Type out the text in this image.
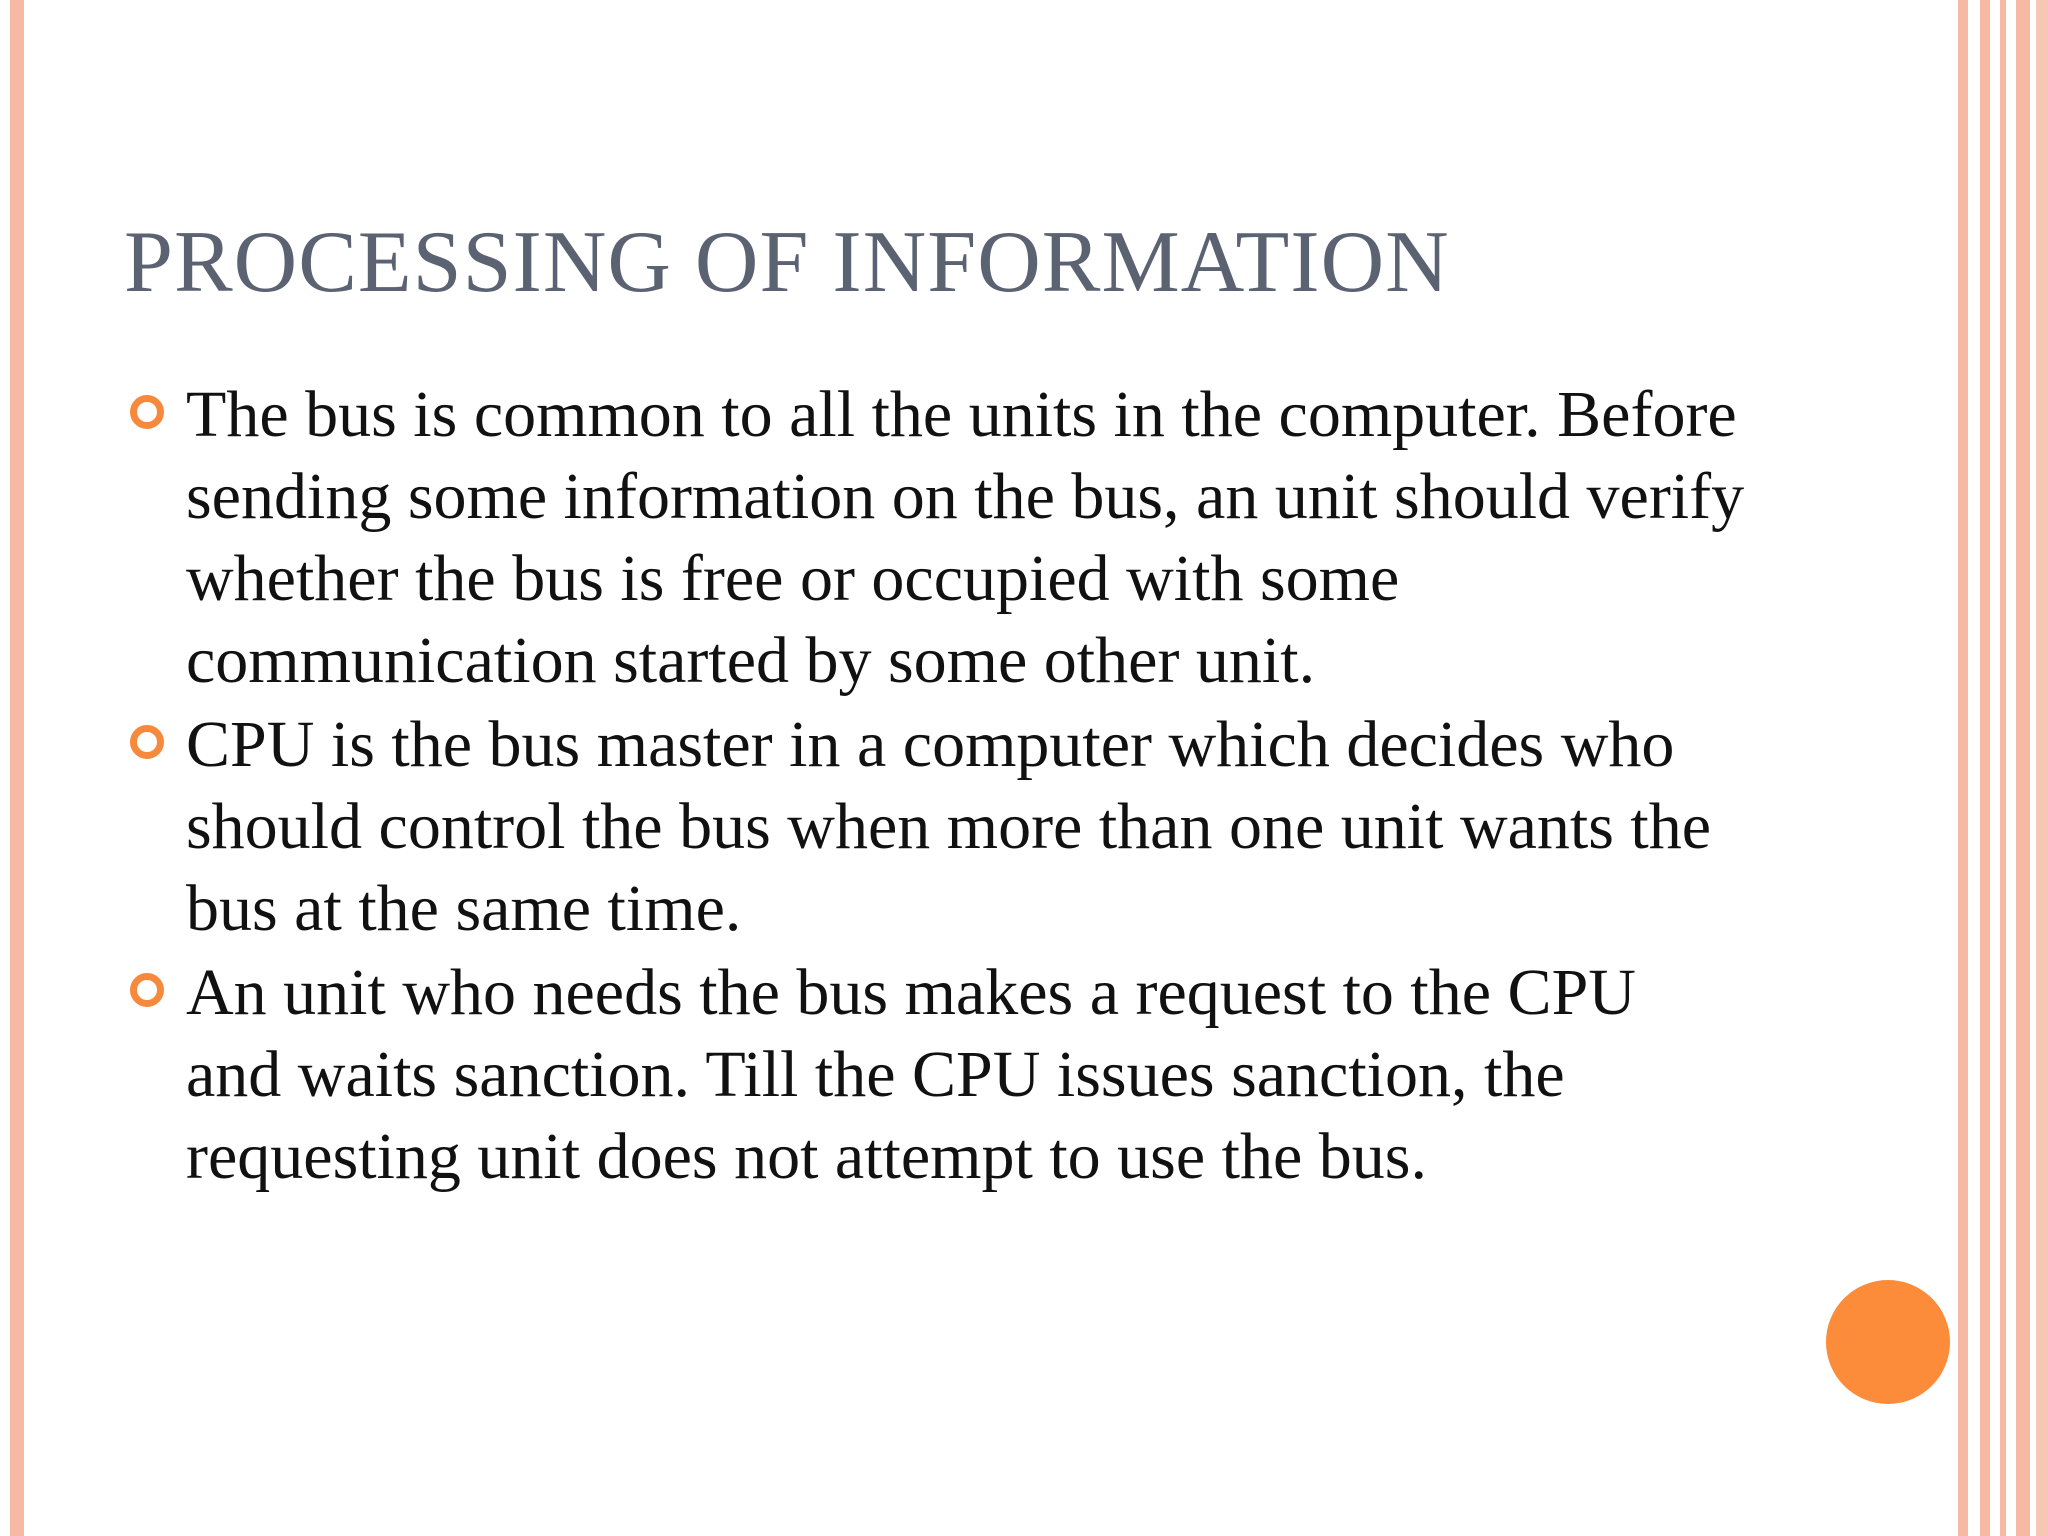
PROCESSING OF INFORMATION
The bus is common to all the units in the computer. Before sending some information on the bus, an unit should verify whether the bus is free or occupied with some communication started by some other unit.
CPU is the bus master in a computer which decides who should control the bus when more than one unit wants the bus at the same time.
An unit who needs the bus makes a request to the CPU and waits sanction. Till the CPU issues sanction, the requesting unit does not attempt to use the bus.
